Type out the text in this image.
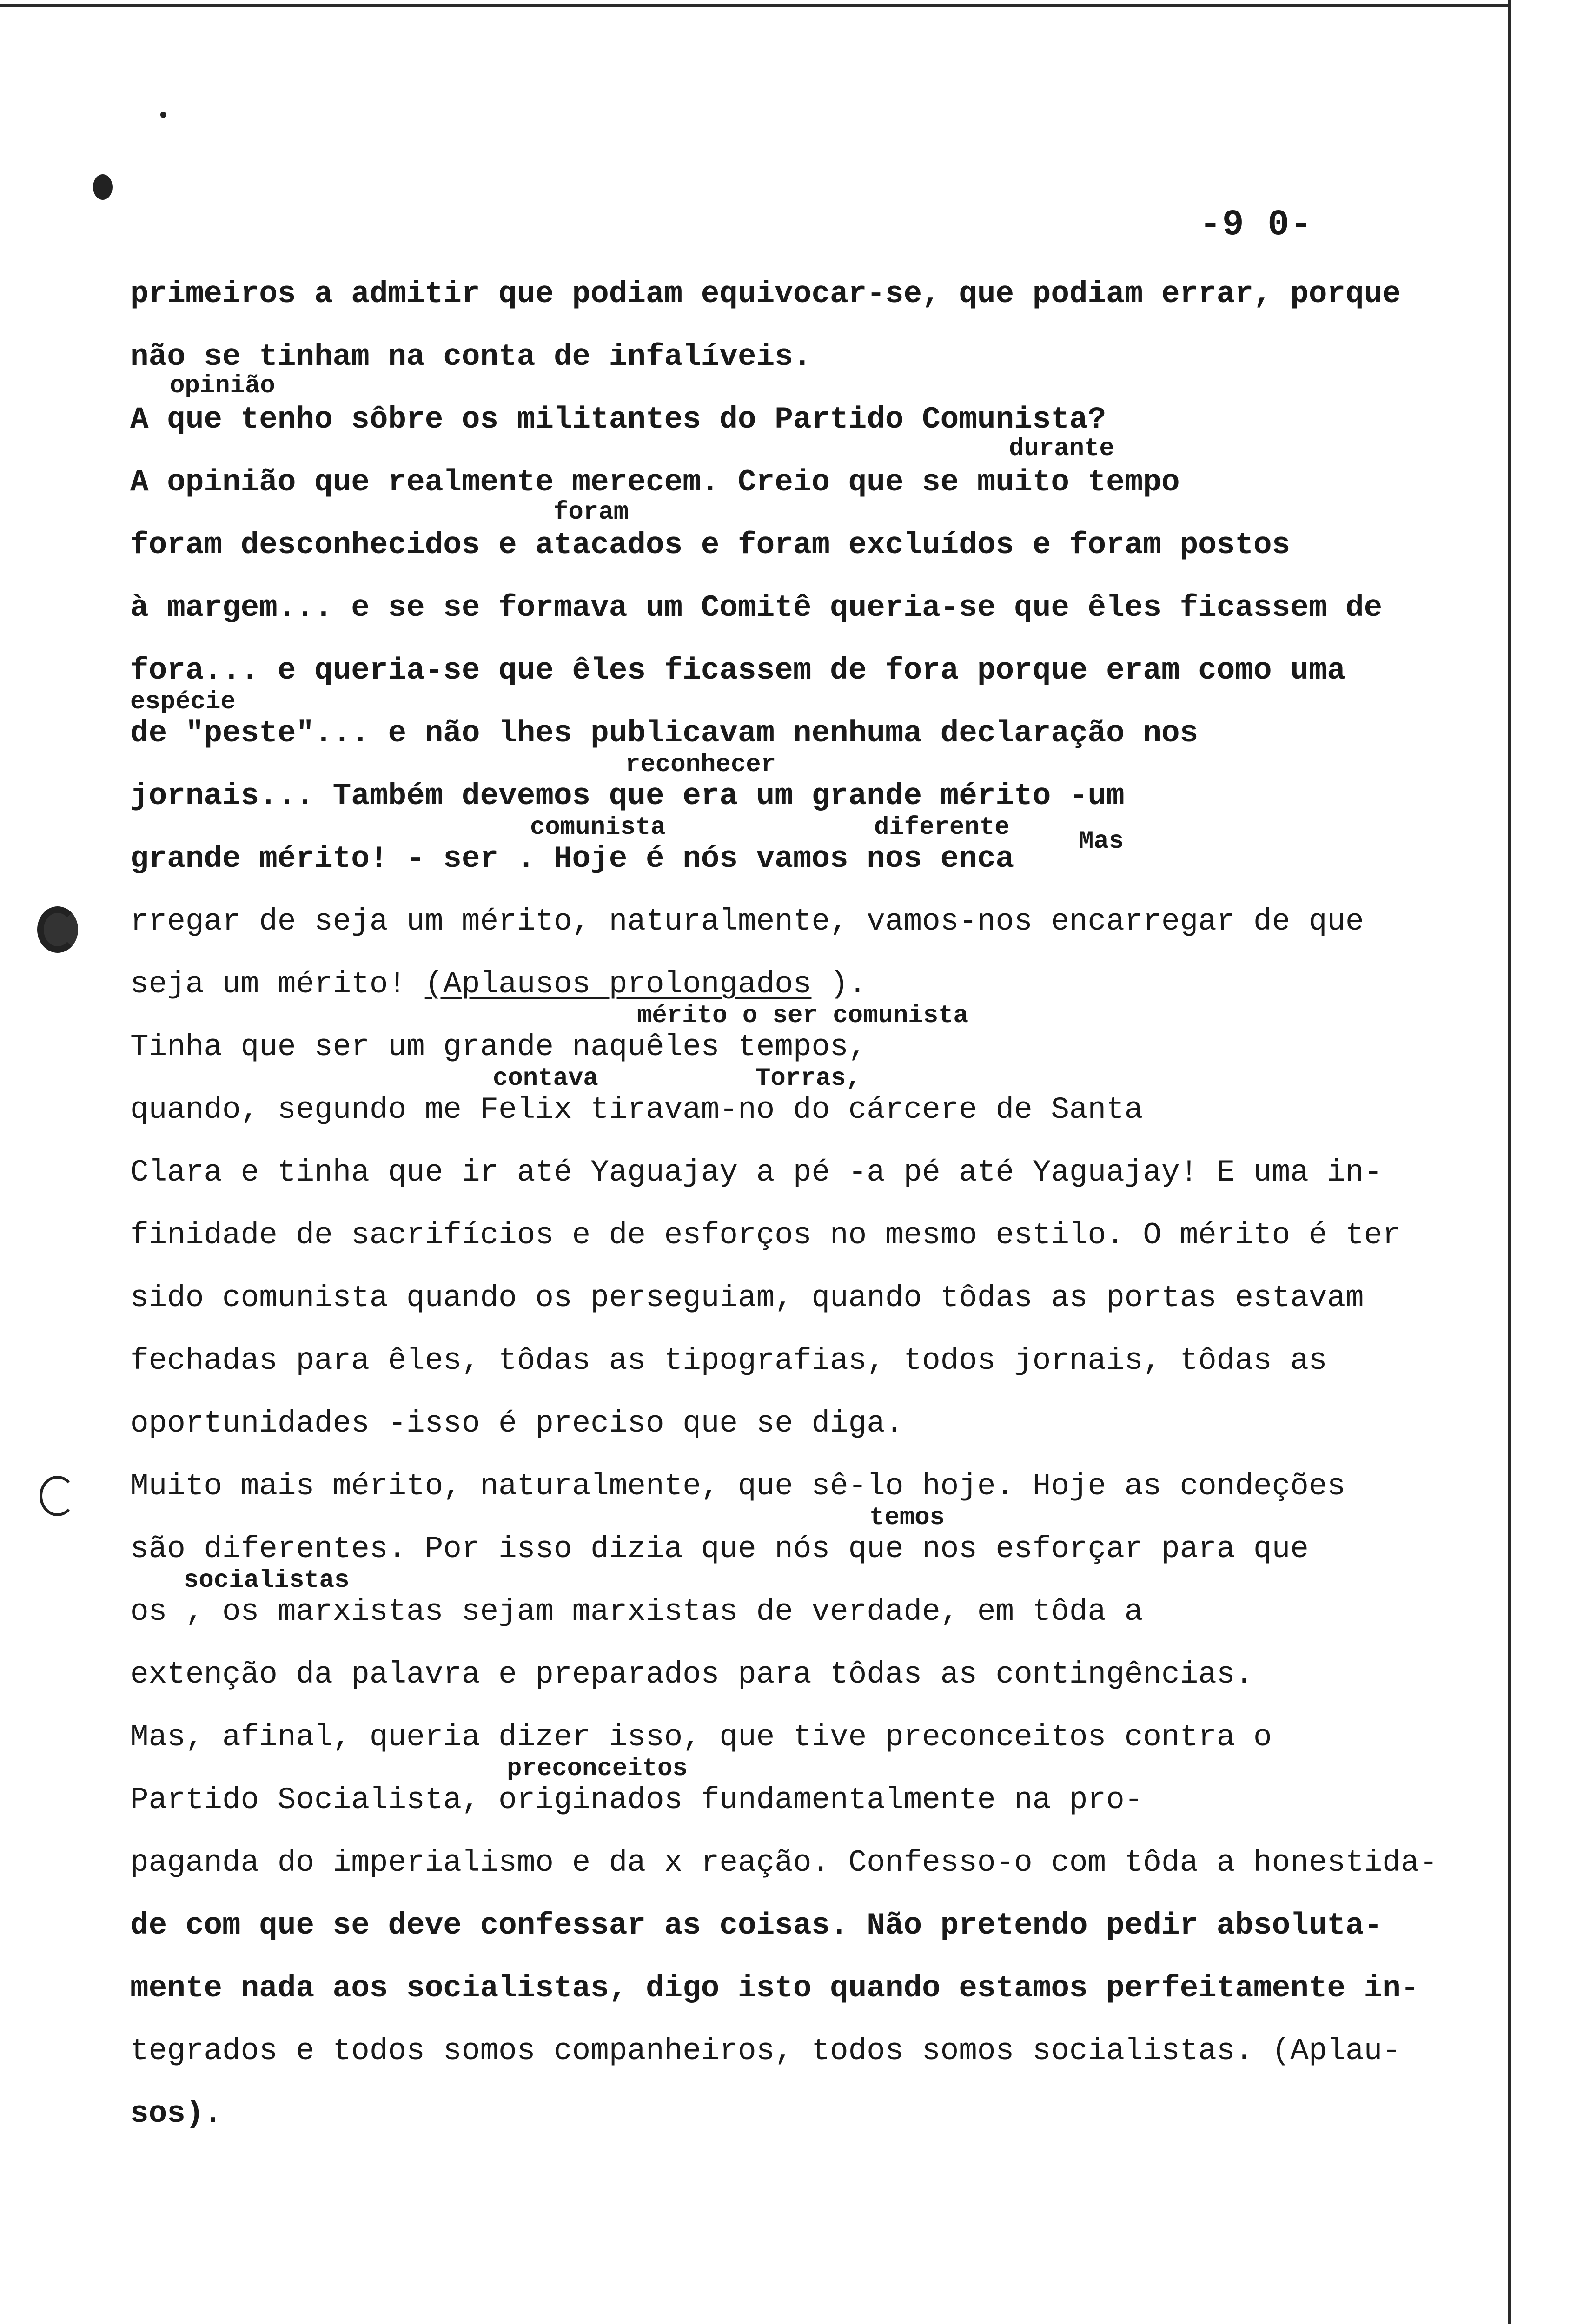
-9 0-
opinião
durante
foram
espécie
reconhecer
comunista	diferente	Mas
mérito o ser comunista
contava	Torras,
temos
socialistas
preconceitos
primeiros a admitir que podiam equivocar-se, que podiam errar, porque
não se tinham na conta de infalíveis.
A que tenho sôbre os militantes do Partido Comunista?
A opinião que realmente merecem. Creio que se muito tempo
foram desconhecidos e atacados e foram excluídos e foram postos
à margem... e se se formava um Comitê queria-se que êles ficassem de
fora... e queria-se que êles ficassem de fora porque eram como uma
de "peste"... e não lhes publicavam nenhuma declaração nos
jornais... Também devemos que era um grande mérito -um
grande mérito! - ser . Hoje é nós vamos nos enca
rregar de seja um mérito, naturalmente, vamos-nos encarregar de que
seja um mérito! (Aplausos prolongados ).
Tinha que ser um grande naquêles tempos,
quando, segundo me Felix tiravam-no do cárcere de Santa
Clara e tinha que ir até Yaguajay a pé -a pé até Yaguajay! E uma in-
finidade de sacrifícios e de esforços no mesmo estilo. O mérito é ter
sido comunista quando os perseguiam, quando tôdas as portas estavam
fechadas para êles, tôdas as tipografias, todos jornais, tôdas as
oportunidades -isso é preciso que se diga.
Muito mais mérito, naturalmente, que sê-lo hoje. Hoje as condeções
são diferentes. Por isso dizia que nós que nos esforçar para que
os , os marxistas sejam marxistas de verdade, em tôda a
extenção da palavra e preparados para tôdas as contingências.
Mas, afinal, queria dizer isso, que tive preconceitos contra o
Partido Socialista, originados fundamentalmente na pro-
paganda do imperialismo e da x reação. Confesso-o com tôda a honestida-
de com que se deve confessar as coisas. Não pretendo pedir absoluta-
mente nada aos socialistas, digo isto quando estamos perfeitamente in-
tegrados e todos somos companheiros, todos somos socialistas. (Aplau-
sos).
